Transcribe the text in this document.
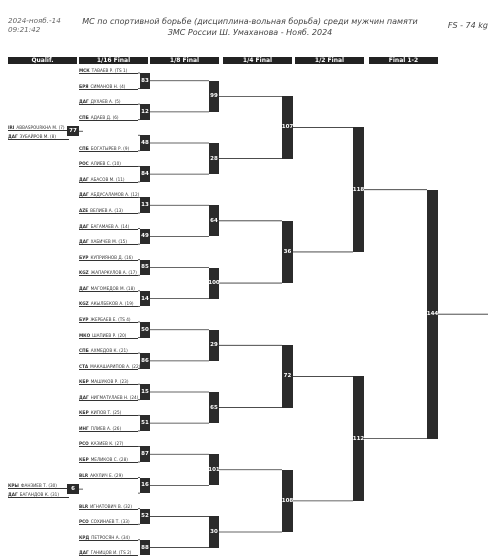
2024-нояб.-14
09:21:42
МС по спортивной борьбе (дисциплина-вольная борьба) среди мужчин памяти
ЗМС России Ш. Умаханова - Нояб. 2024
FS - 74 kg
Qualif.	1/16 Final	1/8 Final	1/4 Final	1/2 Final	Final 1-2
МСК ТАВАЕВ Р. (TS 1)
БРЯ СИМАНОВ Н. (4)
ДАГ ДУХАЕВ А. (5)
СПБ АДАЕВ Д. (6)
СПБ БОГАТЫРЕВ Р. (9)
РОС АЛИЕВ С. (10)
ДАГ АБАСОВ М. (11)
ДАГ АБДУСАЛАМОВ А. (12)
AZE ВЕЛИЕВ А. (13)
ДАГ БАГАМАЕВ А. (14)
ДАГ ХАБИЧЕВ М. (15)
БУР КУПРИЯНОВ Д. (16)
KGZ ЖАПАРКУЛОВ А. (17)
ДАГ МАГОМЕДОВ М. (18)
KGZ АКЫЛБЕКОВ А. (19)
БУР ЖЕРБАЕВ Е. (TS 4)
МКО ШАПИЕВ Р. (20)
СПБ АХМЕДОВ К. (21)
СТА МАКАШАРИПОВ А. (22)
КБР МАШУКОВ Р. (23)
ДАГ НИГМАТУЛАЕВ Н. (24)
КБР КИПОВ Т. (25)
ИНГ ПЛИЕВ А. (26)
РСО КАЗИЕВ К. (27)
КБР МЕЛИКОВ С. (28)
BLR АКУЛИЧ Е. (29)
BLR ИГНАТОВИЧ В. (32)
РСО СОХИНАЕВ Т. (33)
КРД ПЕТРОСЯН А. (34)
ДАГ ГАНИЦОВ И. (TS 2)
IRI ABBASPOURKHA M. (7)
ДАГ ЗУБАЙРОВ М. (8)
77
КРЫ ФАНЗИЕВ Т. (30)
ДАГ БАГАНДОВ К. (31)
6
83
12
48
84
13
49
85
14
50
86
15
51
87
16
52
88
99
28
64
100
29
65
101
30
107
36
72
108
118
112
144
